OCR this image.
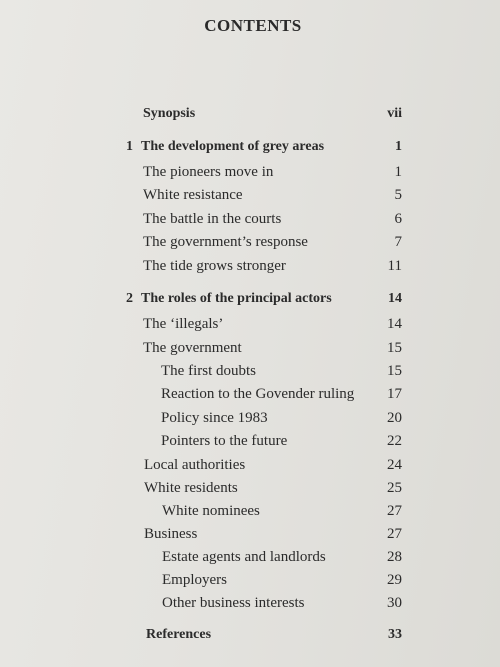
CONTENTS
Synopsis	vii
1 The development of grey areas	1
The pioneers move in	1
White resistance	5
The battle in the courts	6
The government’s response	7
The tide grows stronger	11
2 The roles of the principal actors	14
The ‘illegals’	14
The government	15
The first doubts	15
Reaction to the Govender ruling 17
Policy since 1983	20
Pointers to the future	22
Local authorities	24
White residents	25
White nominees	27
Business	27
Estate agents and landlords	28
Employers	29
Other business interests	30
References	33
